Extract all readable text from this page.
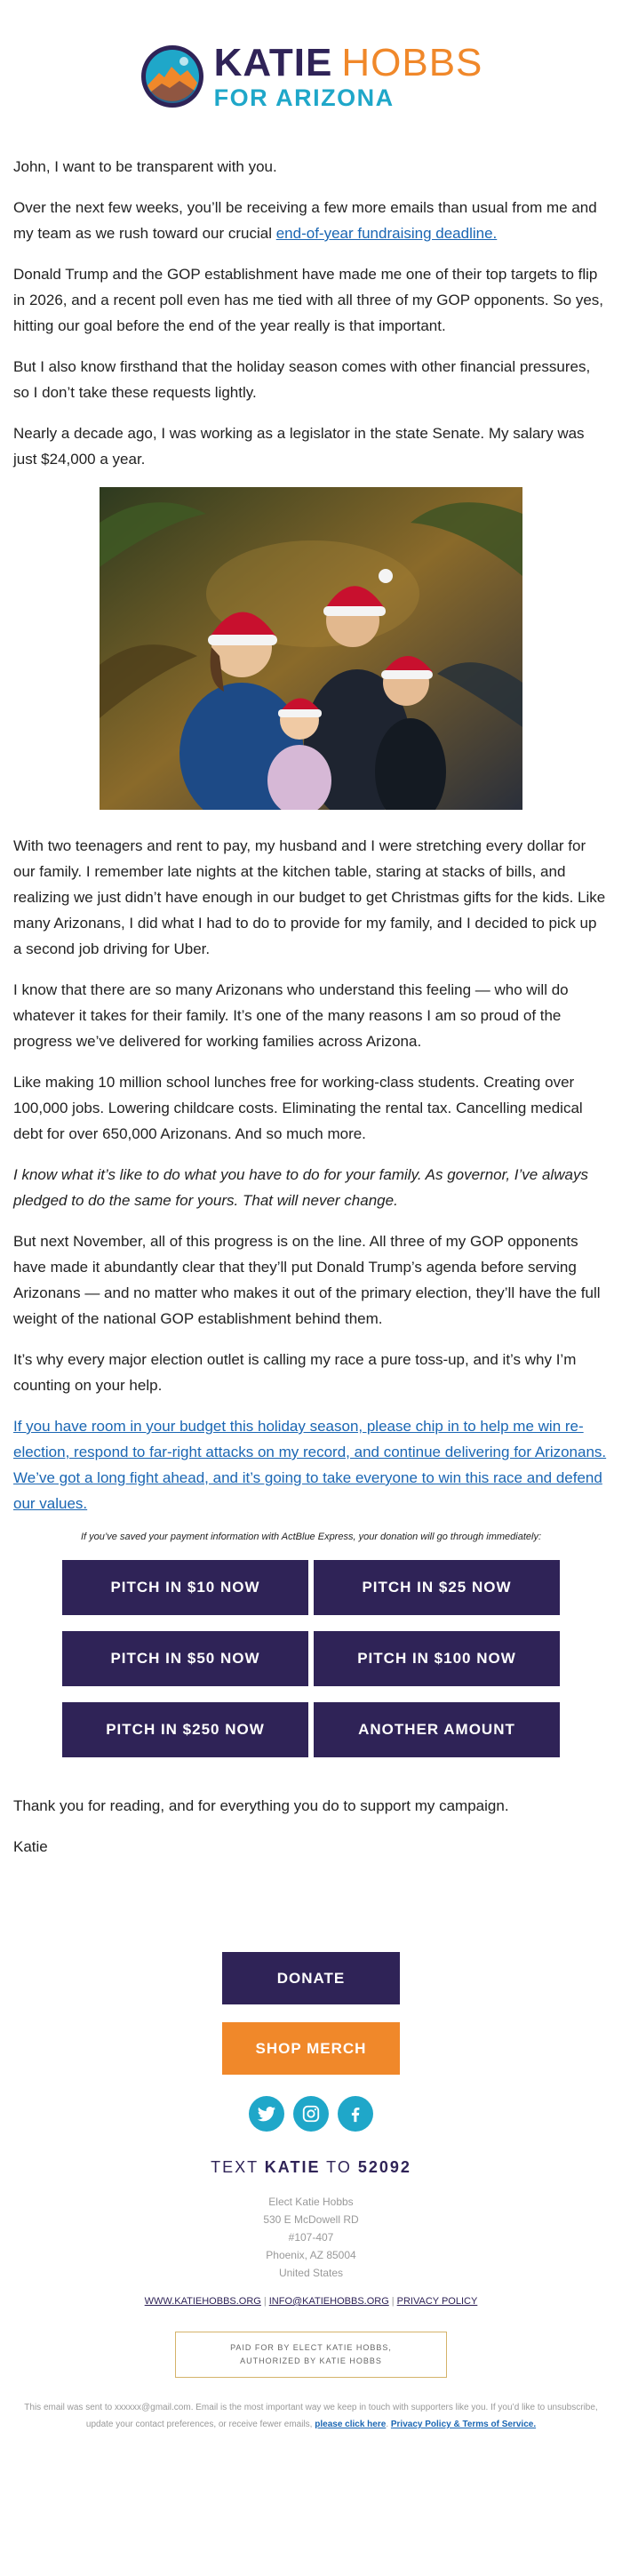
KATIE HOBBS
FOR ARIZONA

John, I want to be transparent with you.

Over the next few weeks, you’ll be receiving a few more emails than usual from me and my team as we rush toward our crucial end-of-year fundraising deadline.

Donald Trump and the GOP establishment have made me one of their top targets to flip in 2026, and a recent poll even has me tied with all three of my GOP opponents. So yes, hitting our goal before the end of the year really is that important.

But I also know firsthand that the holiday season comes with other financial pressures, so I don’t take these requests lightly.

Nearly a decade ago, I was working as a legislator in the state Senate. My salary was just $24,000 a year.

With two teenagers and rent to pay, my husband and I were stretching every dollar for our family. I remember late nights at the kitchen table, staring at stacks of bills, and realizing we just didn’t have enough in our budget to get Christmas gifts for the kids. Like many Arizonans, I did what I had to do to provide for my family, and I decided to pick up a second job driving for Uber.

I know that there are so many Arizonans who understand this feeling — who will do whatever it takes for their family. It’s one of the many reasons I am so proud of the progress we’ve delivered for working families across Arizona.

Like making 10 million school lunches free for working-class students. Creating over 100,000 jobs. Lowering childcare costs. Eliminating the rental tax. Cancelling medical debt for over 650,000 Arizonans. And so much more.

I know what it’s like to do what you have to do for your family. As governor, I’ve always pledged to do the same for yours. That will never change.

But next November, all of this progress is on the line. All three of my GOP opponents have made it abundantly clear that they’ll put Donald Trump’s agenda before serving Arizonans — and no matter who makes it out of the primary election, they’ll have the full weight of the national GOP establishment behind them.

It’s why every major election outlet is calling my race a pure toss-up, and it’s why I’m counting on your help.

If you have room in your budget this holiday season, please chip in to help me win re-election, respond to far-right attacks on my record, and continue delivering for Arizonans. We’ve got a long fight ahead, and it’s going to take everyone to win this race and defend our values.
If you’ve saved your payment information with ActBlue Express, your donation will go through immediately:
PITCH IN $10 NOW	PITCH IN $25 NOW
PITCH IN $50 NOW	PITCH IN $100 NOW
PITCH IN $250 NOW	ANOTHER AMOUNT

Thank you for reading, and for everything you do to support my campaign.

Katie

DONATE
SHOP MERCH
TEXT KATIE TO 52092
Elect Katie Hobbs
530 E McDowell RD
#107-407
Phoenix, AZ 85004
United States
WWW.KATIEHOBBS.ORG | INFO@KATIEHOBBS.ORG | PRIVACY POLICY
PAID FOR BY ELECT KATIE HOBBS,
AUTHORIZED BY KATIE HOBBS
This email was sent to xxxxxx@gmail.com. Email is the most important way we keep in touch with supporters like you. If you’d like to unsubscribe, update your contact preferences, or receive fewer emails, please click here. Privacy Policy & Terms of Service.
